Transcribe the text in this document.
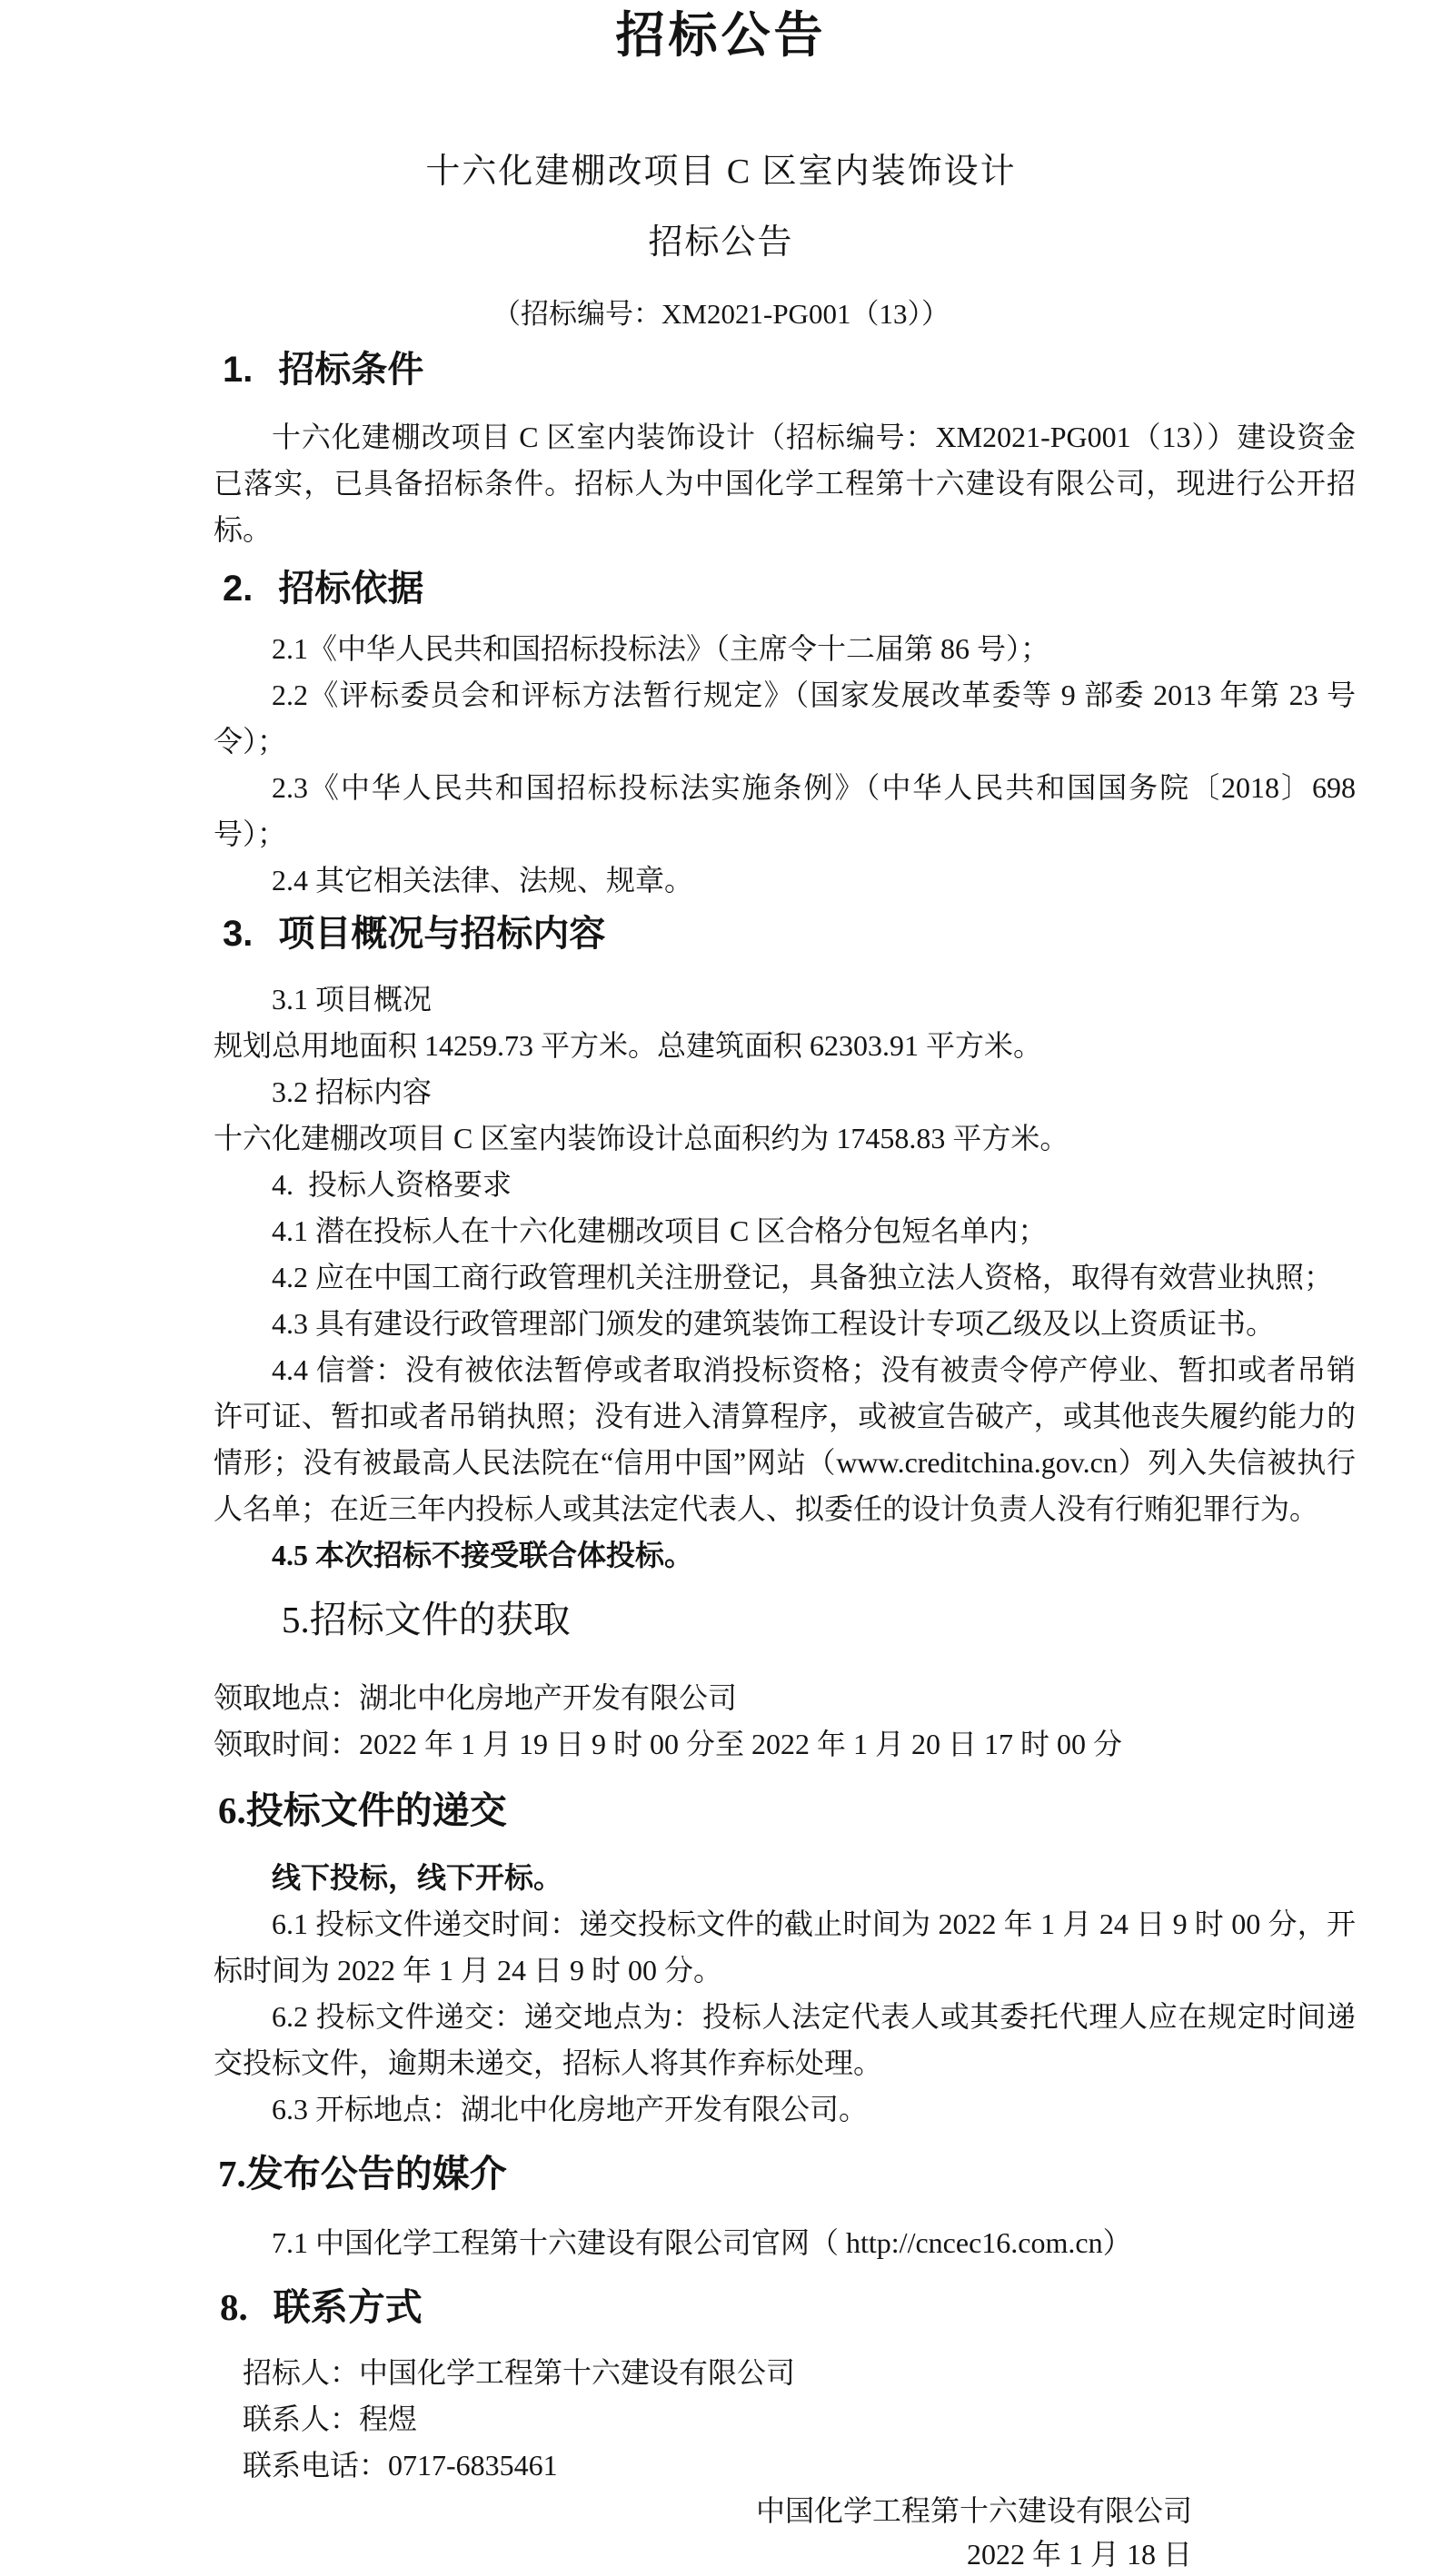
招标公告
十六化建棚改项目 C 区室内装饰设计
招标公告
（招标编号：XM2021-PG001（13））
1. 招标条件

十六化建棚改项目 C 区室内装饰设计（招标编号：XM2021-PG001（13））建设资金已落实，已具备招标条件。招标人为中国化学工程第十六建设有限公司，现进行公开招标。

2. 招标依据

2.1《中华人民共和国招标投标法》（主席令十二届第 86 号）；

2.2《评标委员会和评标方法暂行规定》（国家发展改革委等 9 部委 2013 年第 23 号令）；

2.3《中华人民共和国招标投标法实施条例》（中华人民共和国国务院〔2018〕698 号）；

2.4 其它相关法律、法规、规章。

3. 项目概况与招标内容

3.1 项目概况

规划总用地面积 14259.73 平方米。总建筑面积 62303.91 平方米。

3.2 招标内容

十六化建棚改项目 C 区室内装饰设计总面积约为 17458.83 平方米。

4.  投标人资格要求

4.1 潜在投标人在十六化建棚改项目 C 区合格分包短名单内；

4.2 应在中国工商行政管理机关注册登记，具备独立法人资格，取得有效营业执照；

4.3 具有建设行政管理部门颁发的建筑装饰工程设计专项乙级及以上资质证书。

4.4 信誉：没有被依法暂停或者取消投标资格；没有被责令停产停业、暂扣或者吊销许可证、暂扣或者吊销执照；没有进入清算程序，或被宣告破产，或其他丧失履约能力的情形；没有被最高人民法院在“信用中国”网站（www.creditchina.gov.cn）列入失信被执行人名单；在近三年内投标人或其法定代表人、拟委任的设计负责人没有行贿犯罪行为。

4.5 本次招标不接受联合体投标。

5.招标文件的获取

领取地点：湖北中化房地产开发有限公司

领取时间：2022 年 1 月 19 日 9 时 00 分至 2022 年 1 月 20 日 17 时 00 分

6.投标文件的递交

线下投标，线下开标。

6.1 投标文件递交时间：递交投标文件的截止时间为 2022 年 1 月 24 日 9 时 00 分，开标时间为 2022 年 1 月 24 日 9 时 00 分。

6.2 投标文件递交：递交地点为：投标人法定代表人或其委托代理人应在规定时间递交投标文件，逾期未递交，招标人将其作弃标处理。

6.3 开标地点：湖北中化房地产开发有限公司。

7.发布公告的媒介

7.1 中国化学工程第十六建设有限公司官网（ http://cncec16.com.cn）

8. 联系方式

招标人：中国化学工程第十六建设有限公司

联系人：程煜

联系电话：0717-6835461

中国化学工程第十六建设有限公司
2022 年 1 月 18 日
